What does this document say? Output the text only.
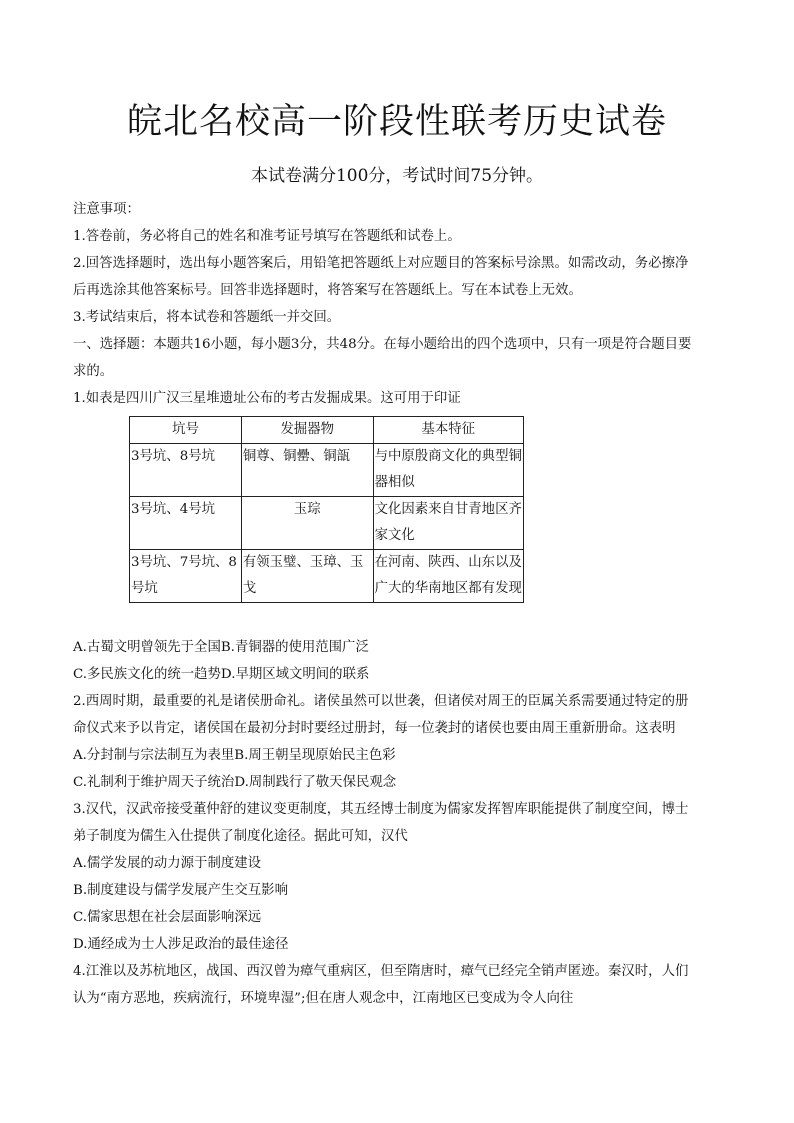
皖北名校高一阶段性联考历史试卷

本试卷满分100分，考试时间75分钟。

注意事项：
1.答卷前，务必将自己的姓名和准考证号填写在答题纸和试卷上。
2.回答选择题时，选出每小题答案后，用铅笔把答题纸上对应题目的答案标号涂黑。如需改动，务必擦净
后再选涂其他答案标号。回答非选择题时，将答案写在答题纸上。写在本试卷上无效。
3.考试结束后，将本试卷和答题纸一并交回。
一、选择题：本题共16小题，每小题3分，共48分。在每小题给出的四个选项中，只有一项是符合题目要
求的。
1.如表是四川广汉三星堆遗址公布的考古发掘成果。这可用于印证
坑号	发掘器物	基本特征
3号坑、8号坑	铜尊、铜罍、铜瓿	与中原殷商文化的典型铜器相似
3号坑、4号坑	玉琮	文化因素来自甘青地区齐家文化
3号坑、7号坑、8号坑	有领玉璧、玉璋、玉戈	在河南、陕西、山东以及广大的华南地区都有发现
A.古蜀文明曾领先于全国B.青铜器的使用范围广泛
C.多民族文化的统一趋势D.早期区域文明间的联系
2.西周时期，最重要的礼是诸侯册命礼。诸侯虽然可以世袭，但诸侯对周王的臣属关系需要通过特定的册
命仪式来予以肯定，诸侯国在最初分封时要经过册封，每一位袭封的诸侯也要由周王重新册命。这表明
A.分封制与宗法制互为表里B.周王朝呈现原始民主色彩
C.礼制利于维护周天子统治D.周制践行了敬天保民观念
3.汉代，汉武帝接受董仲舒的建议变更制度，其五经博士制度为儒家发挥智库职能提供了制度空间，博士
弟子制度为儒生入仕提供了制度化途径。据此可知，汉代
A.儒学发展的动力源于制度建设
B.制度建设与儒学发展产生交互影响
C.儒家思想在社会层面影响深远
D.通经成为士人涉足政治的最佳途径
4.江淮以及苏杭地区，战国、西汉曾为瘴气重病区，但至隋唐时，瘴气已经完全销声匿迹。秦汉时，人们
认为“南方恶地，疾病流行，环境卑湿”;但在唐人观念中，江南地区已变成为令人向往
